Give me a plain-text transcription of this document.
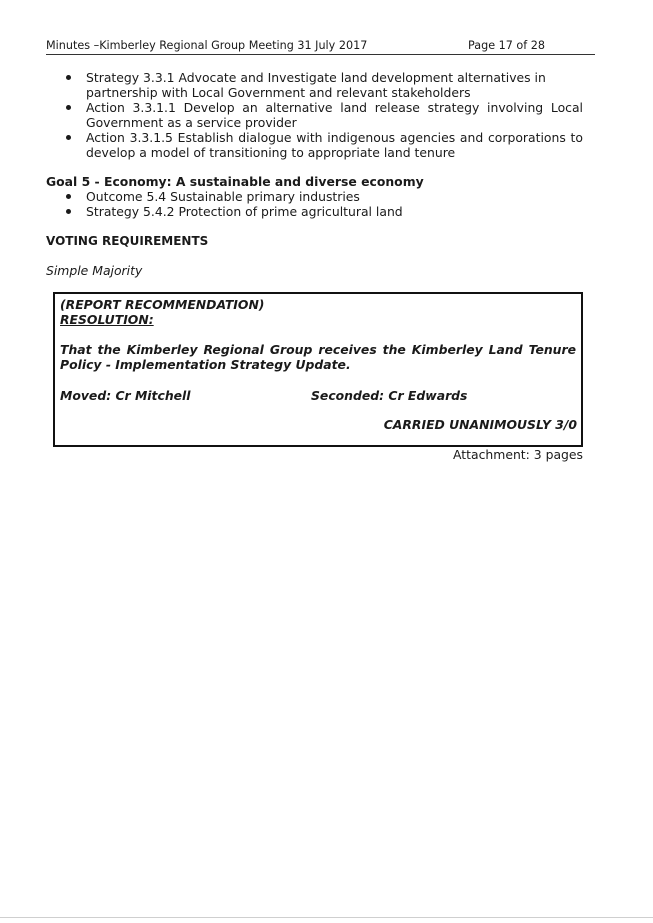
Minutes –Kimberley Regional Group Meeting 31 July 2017	Page 17 of 28
Strategy 3.3.1 Advocate and Investigate land development alternatives in partnership with Local Government and relevant stakeholders
Action 3.3.1.1 Develop an alternative land release strategy involving Local Government as a service provider
Action 3.3.1.5 Establish dialogue with indigenous agencies and corporations to develop a model of transitioning to appropriate land tenure
Goal 5 - Economy: A sustainable and diverse economy
Outcome 5.4 Sustainable primary industries
Strategy 5.4.2 Protection of prime agricultural land
VOTING REQUIREMENTS
Simple Majority
(REPORT RECOMMENDATION)
RESOLUTION:
That the Kimberley Regional Group receives the Kimberley Land Tenure Policy - Implementation Strategy Update.
Moved: Cr Mitchell	Seconded: Cr Edwards
CARRIED UNANIMOUSLY 3/0
Attachment: 3 pages
